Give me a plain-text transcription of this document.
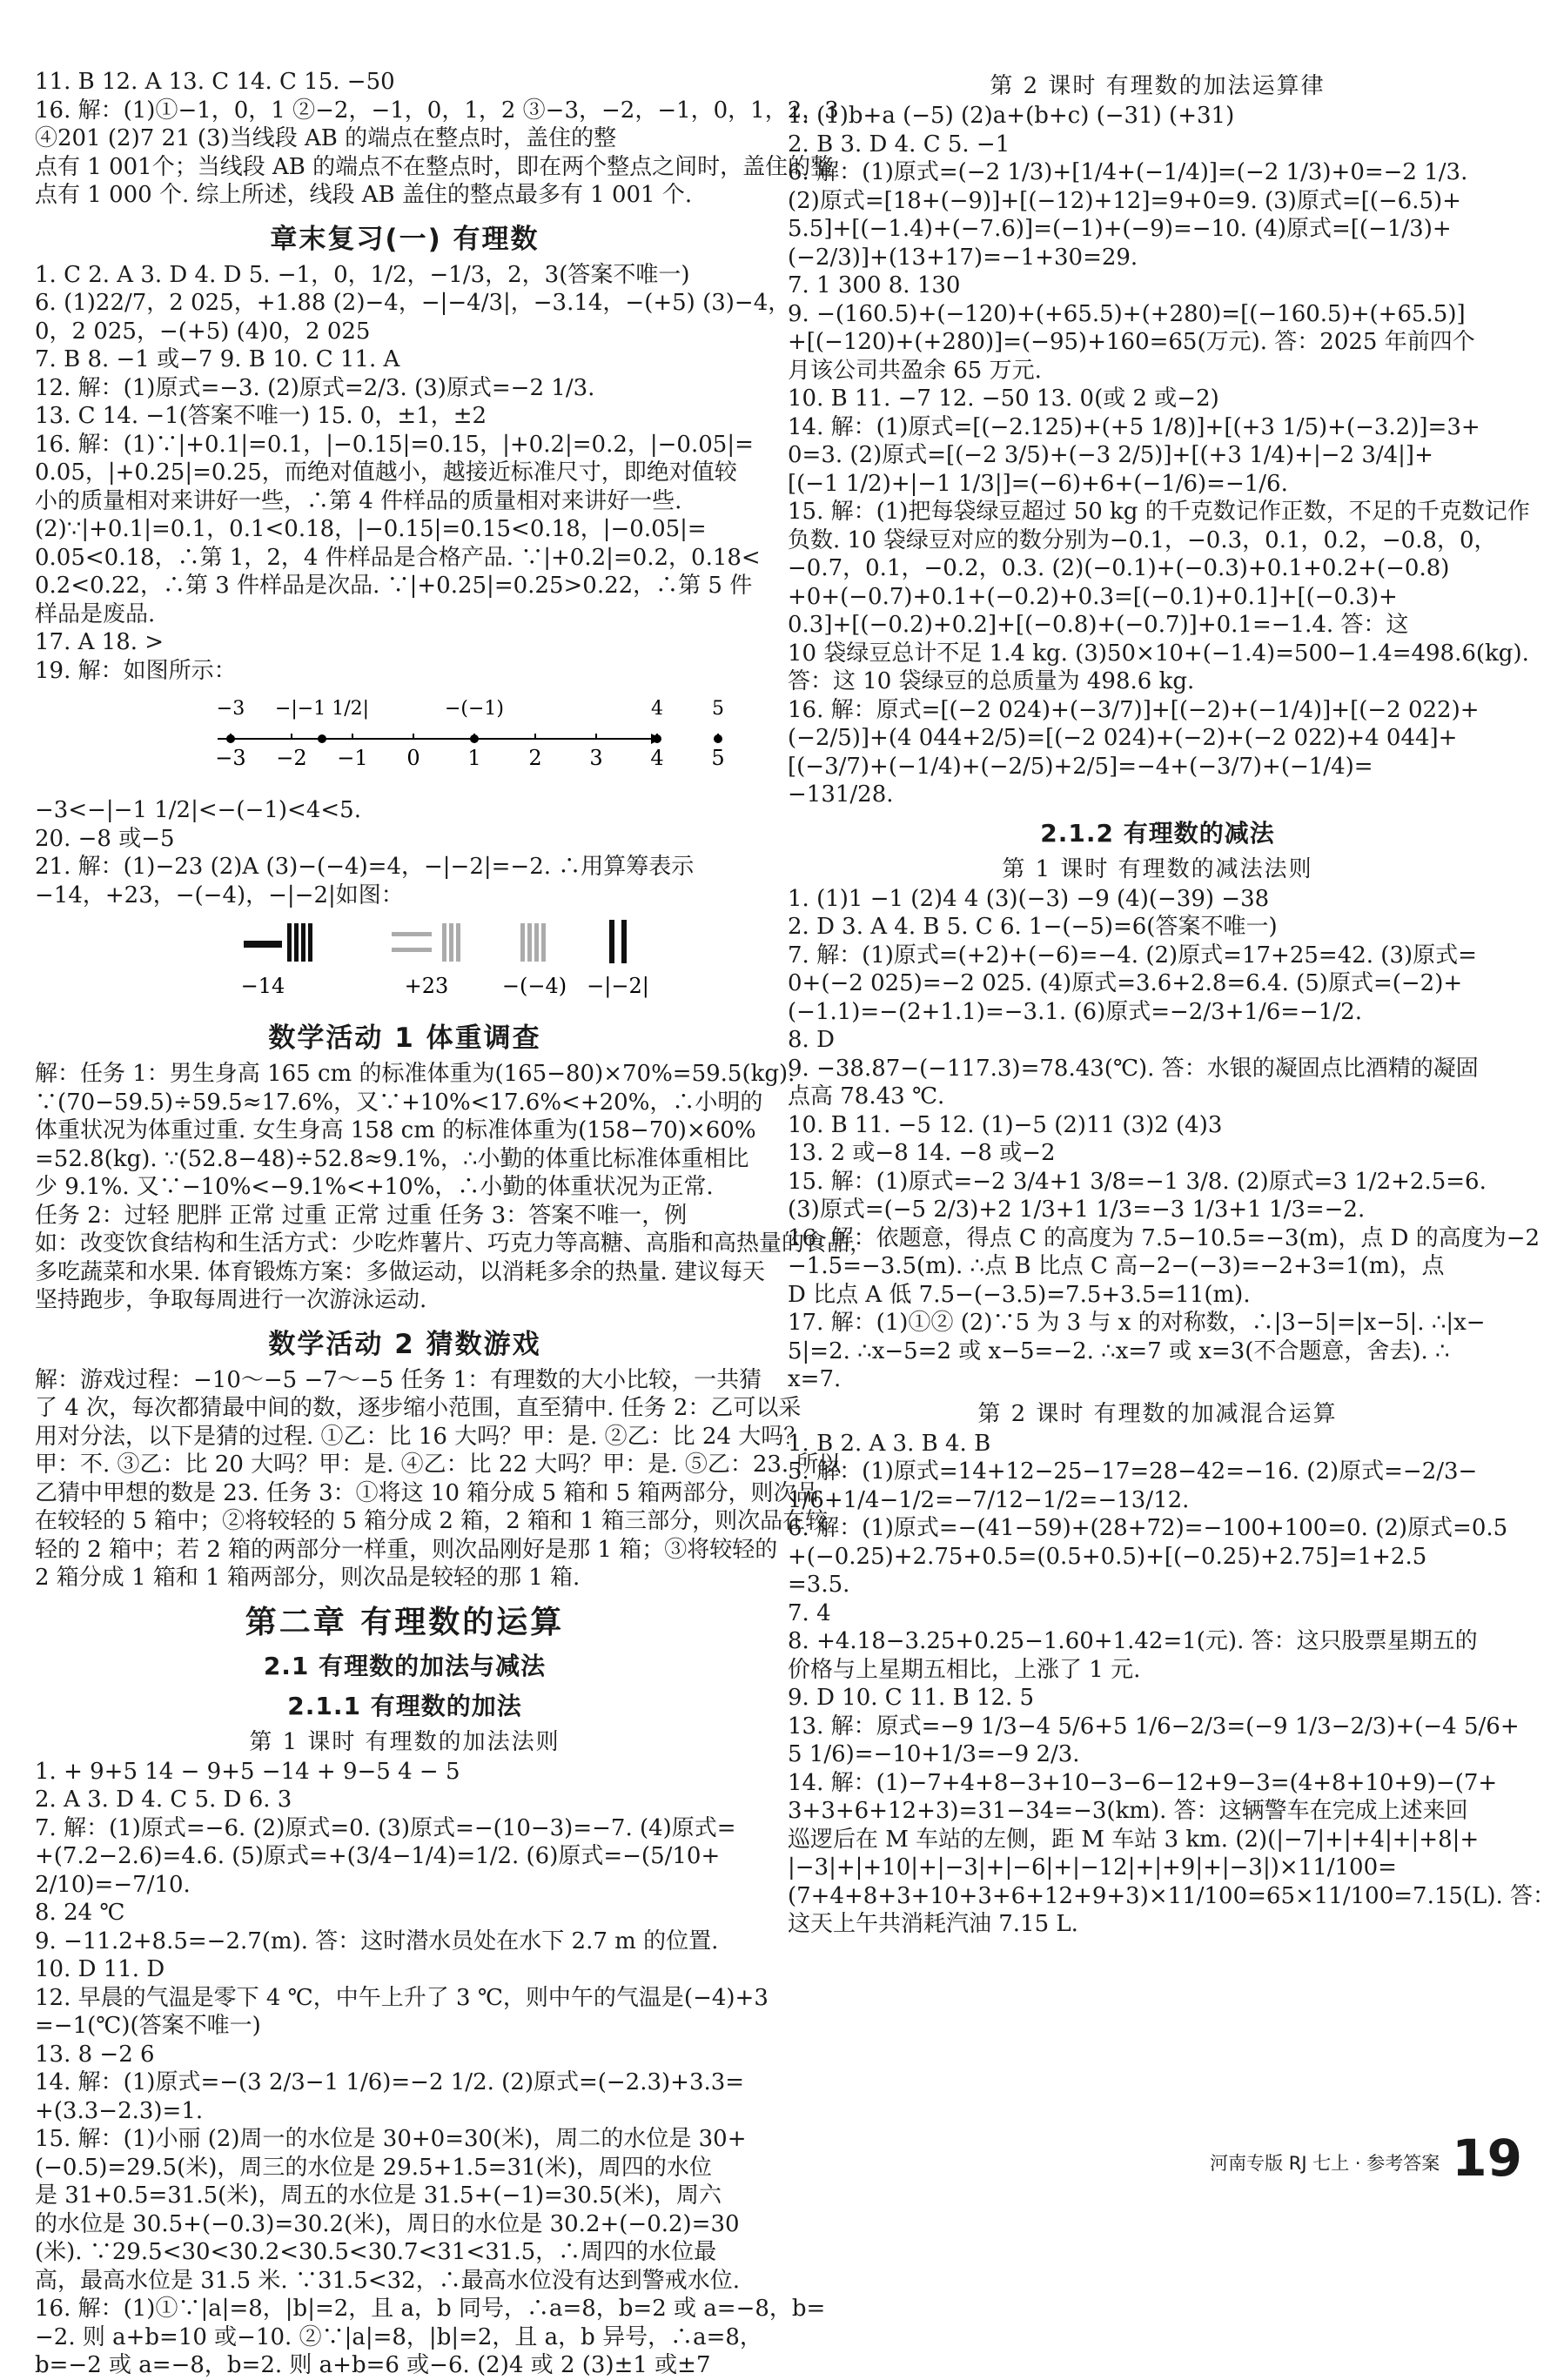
11. B 12. A 13. C 14. C 15. −50

16. 解：(1)①−1，0，1 ②−2，−1，0，1，2 ③−3，−2，−1，0，1，2，3

④201 (2)7 21 (3)当线段 AB 的端点在整点时，盖住的整

点有 1 001个；当线段 AB 的端点不在整点时，即在两个整点之间时，盖住的整

点有 1 000 个. 综上所述，线段 AB 盖住的整点最多有 1 001 个.

章末复习(一) 有理数

1. C 2. A 3. D 4. D 5. −1，0，1/2，−1/3，2，3(答案不唯一)

6. (1)22/7，2 025，+1.88 (2)−4，−|−4/3|，−3.14，−(+5) (3)−4，

0，2 025，−(+5) (4)0，2 025

7. B 8. −1 或−7 9. B 10. C 11. A

12. 解：(1)原式=−3. (2)原式=2/3. (3)原式=−2 1/3.

13. C 14. −1(答案不唯一) 15. 0，±1，±2

16. 解：(1)∵|+0.1|=0.1，|−0.15|=0.15，|+0.2|=0.2，|−0.05|=

0.05，|+0.25|=0.25，而绝对值越小，越接近标准尺寸，即绝对值较

小的质量相对来讲好一些，∴第 4 件样品的质量相对来讲好一些.

(2)∵|+0.1|=0.1，0.1<0.18，|−0.15|=0.15<0.18，|−0.05|=

0.05<0.18，∴第 1，2，4 件样品是合格产品. ∵|+0.2|=0.2，0.18<

0.2<0.22，∴第 3 件样品是次品. ∵|+0.25|=0.25>0.22，∴第 5 件

样品是废品.

17. A 18. >

19. 解：如图所示：

−3 −2 −1 0 1 2 3 4 5
−3 −|−1 1/2|	−(−1)	4	5

−3<−|−1 1/2|<−(−1)<4<5.

20. −8 或−5

21. 解：(1)−23 (2)A (3)−(−4)=4，−|−2|=−2. ∴用算筹表示

−14，+23，−(−4)，−|−2|如图：

−14	+23	−(−4) −|−2|
数学活动 1 体重调查

解：任务 1：男生身高 165 cm 的标准体重为(165−80)×70%=59.5(kg).

∵(70−59.5)÷59.5≈17.6%，又∵+10%<17.6%<+20%，∴小明的

体重状况为体重过重. 女生身高 158 cm 的标准体重为(158−70)×60%

=52.8(kg). ∵(52.8−48)÷52.8≈9.1%，∴小勤的体重比标准体重相比

少 9.1%. 又∵−10%<−9.1%<+10%，∴小勤的体重状况为正常.

任务 2：过轻 肥胖 正常 过重 正常 过重 任务 3：答案不唯一，例

如：改变饮食结构和生活方式：少吃炸薯片、巧克力等高糖、高脂和高热量的食品，

多吃蔬菜和水果. 体育锻炼方案：多做运动，以消耗多余的热量. 建议每天

坚持跑步，争取每周进行一次游泳运动.

数学活动 2 猜数游戏

解：游戏过程：−10～−5 −7～−5 任务 1：有理数的大小比较，一共猜

了 4 次，每次都猜最中间的数，逐步缩小范围，直至猜中. 任务 2：乙可以采

用对分法，以下是猜的过程. ①乙：比 16 大吗？甲：是. ②乙：比 24 大吗？

甲：不. ③乙：比 20 大吗？甲：是. ④乙：比 22 大吗？甲：是. ⑤乙：23. 所以

乙猜中甲想的数是 23. 任务 3：①将这 10 箱分成 5 箱和 5 箱两部分，则次品

在较轻的 5 箱中；②将较轻的 5 箱分成 2 箱，2 箱和 1 箱三部分，则次品在较

轻的 2 箱中；若 2 箱的两部分一样重，则次品刚好是那 1 箱；③将较轻的

2 箱分成 1 箱和 1 箱两部分，则次品是较轻的那 1 箱.

第二章 有理数的运算
2.1 有理数的加法与减法
2.1.1 有理数的加法
第 1 课时 有理数的加法法则

1. + 9+5 14 − 9+5 −14 + 9−5 4 − 5

2. A 3. D 4. C 5. D 6. 3

7. 解：(1)原式=−6. (2)原式=0. (3)原式=−(10−3)=−7. (4)原式=

+(7.2−2.6)=4.6. (5)原式=+(3/4−1/4)=1/2. (6)原式=−(5/10+

2/10)=−7/10.

8. 24 ℃

9. −11.2+8.5=−2.7(m). 答：这时潜水员处在水下 2.7 m 的位置.

10. D 11. D

12. 早晨的气温是零下 4 ℃，中午上升了 3 ℃，则中午的气温是(−4)+3

=−1(℃)(答案不唯一)

13. 8 −2 6

14. 解：(1)原式=−(3 2/3−1 1/6)=−2 1/2. (2)原式=(−2.3)+3.3=

+(3.3−2.3)=1.

15. 解：(1)小丽 (2)周一的水位是 30+0=30(米)，周二的水位是 30+

(−0.5)=29.5(米)，周三的水位是 29.5+1.5=31(米)，周四的水位

是 31+0.5=31.5(米)，周五的水位是 31.5+(−1)=30.5(米)，周六

的水位是 30.5+(−0.3)=30.2(米)，周日的水位是 30.2+(−0.2)=30

(米). ∵29.5<30<30.2<30.5<30.7<31<31.5，∴周四的水位最

高，最高水位是 31.5 米. ∵31.5<32，∴最高水位没有达到警戒水位.

16. 解：(1)①∵|a|=8，|b|=2，且 a，b 同号，∴a=8，b=2 或 a=−8，b=

−2. 则 a+b=10 或−10. ②∵|a|=8，|b|=2，且 a，b 异号，∴a=8，

b=−2 或 a=−8，b=2. 则 a+b=6 或−6. (2)4 或 2 (3)±1 或±7

第 2 课时 有理数的加法运算律

1. (1)b+a (−5) (2)a+(b+c) (−31) (+31)

2. B 3. D 4. C 5. −1

6. 解：(1)原式=(−2 1/3)+[1/4+(−1/4)]=(−2 1/3)+0=−2 1/3.

(2)原式=[18+(−9)]+[(−12)+12]=9+0=9. (3)原式=[(−6.5)+

5.5]+[(−1.4)+(−7.6)]=(−1)+(−9)=−10. (4)原式=[(−1/3)+

(−2/3)]+(13+17)=−1+30=29.

7. 1 300 8. 130

9. −(160.5)+(−120)+(+65.5)+(+280)=[(−160.5)+(+65.5)]

+[(−120)+(+280)]=(−95)+160=65(万元). 答：2025 年前四个

月该公司共盈余 65 万元.

10. B 11. −7 12. −50 13. 0(或 2 或−2)

14. 解：(1)原式=[(−2.125)+(+5 1/8)]+[(+3 1/5)+(−3.2)]=3+

0=3. (2)原式=[(−2 3/5)+(−3 2/5)]+[(+3 1/4)+|−2 3/4|]+

[(−1 1/2)+|−1 1/3|]=(−6)+6+(−1/6)=−1/6.

15. 解：(1)把每袋绿豆超过 50 kg 的千克数记作正数，不足的千克数记作

负数. 10 袋绿豆对应的数分别为−0.1，−0.3，0.1，0.2，−0.8，0，

−0.7，0.1，−0.2，0.3. (2)(−0.1)+(−0.3)+0.1+0.2+(−0.8)

+0+(−0.7)+0.1+(−0.2)+0.3=[(−0.1)+0.1]+[(−0.3)+

0.3]+[(−0.2)+0.2]+[(−0.8)+(−0.7)]+0.1=−1.4. 答：这

10 袋绿豆总计不足 1.4 kg. (3)50×10+(−1.4)=500−1.4=498.6(kg).

答：这 10 袋绿豆的总质量为 498.6 kg.

16. 解：原式=[(−2 024)+(−3/7)]+[(−2)+(−1/4)]+[(−2 022)+

(−2/5)]+(4 044+2/5)=[(−2 024)+(−2)+(−2 022)+4 044]+

[(−3/7)+(−1/4)+(−2/5)+2/5]=−4+(−3/7)+(−1/4)=

−131/28.

2.1.2 有理数的减法
第 1 课时 有理数的减法法则

1. (1)1 −1 (2)4 4 (3)(−3) −9 (4)(−39) −38

2. D 3. A 4. B 5. C 6. 1−(−5)=6(答案不唯一)

7. 解：(1)原式=(+2)+(−6)=−4. (2)原式=17+25=42. (3)原式=

0+(−2 025)=−2 025. (4)原式=3.6+2.8=6.4. (5)原式=(−2)+

(−1.1)=−(2+1.1)=−3.1. (6)原式=−2/3+1/6=−1/2.

8. D

9. −38.87−(−117.3)=78.43(℃). 答：水银的凝固点比酒精的凝固

点高 78.43 ℃.

10. B 11. −5 12. (1)−5 (2)11 (3)2 (4)3

13. 2 或−8 14. −8 或−2

15. 解：(1)原式=−2 3/4+1 3/8=−1 3/8. (2)原式=3 1/2+2.5=6.

(3)原式=(−5 2/3)+2 1/3+1 1/3=−3 1/3+1 1/3=−2.

16. 解：依题意，得点 C 的高度为 7.5−10.5=−3(m)，点 D 的高度为−2

−1.5=−3.5(m). ∴点 B 比点 C 高−2−(−3)=−2+3=1(m)，点

D 比点 A 低 7.5−(−3.5)=7.5+3.5=11(m).

17. 解：(1)①② (2)∵5 为 3 与 x 的对称数，∴|3−5|=|x−5|. ∴|x−

5|=2. ∴x−5=2 或 x−5=−2. ∴x=7 或 x=3(不合题意，舍去). ∴

x=7.

第 2 课时 有理数的加减混合运算

1. B 2. A 3. B 4. B

5. 解：(1)原式=14+12−25−17=28−42=−16. (2)原式=−2/3−

1/6+1/4−1/2=−7/12−1/2=−13/12.

6. 解：(1)原式=−(41−59)+(28+72)=−100+100=0. (2)原式=0.5

+(−0.25)+2.75+0.5=(0.5+0.5)+[(−0.25)+2.75]=1+2.5

=3.5.

7. 4

8. +4.18−3.25+0.25−1.60+1.42=1(元). 答：这只股票星期五的

价格与上星期五相比，上涨了 1 元.

9. D 10. C 11. B 12. 5

13. 解：原式=−9 1/3−4 5/6+5 1/6−2/3=(−9 1/3−2/3)+(−4 5/6+

5 1/6)=−10+1/3=−9 2/3.

14. 解：(1)−7+4+8−3+10−3−6−12+9−3=(4+8+10+9)−(7+

3+3+6+12+3)=31−34=−3(km). 答：这辆警车在完成上述来回

巡逻后在 M 车站的左侧，距 M 车站 3 km. (2)(|−7|+|+4|+|+8|+

|−3|+|+10|+|−3|+|−6|+|−12|+|+9|+|−3|)×11/100=

(7+4+8+3+10+3+6+12+9+3)×11/100=65×11/100=7.15(L). 答：

这天上午共消耗汽油 7.15 L.

河南专版 RJ 七上 · 参考答案 19
